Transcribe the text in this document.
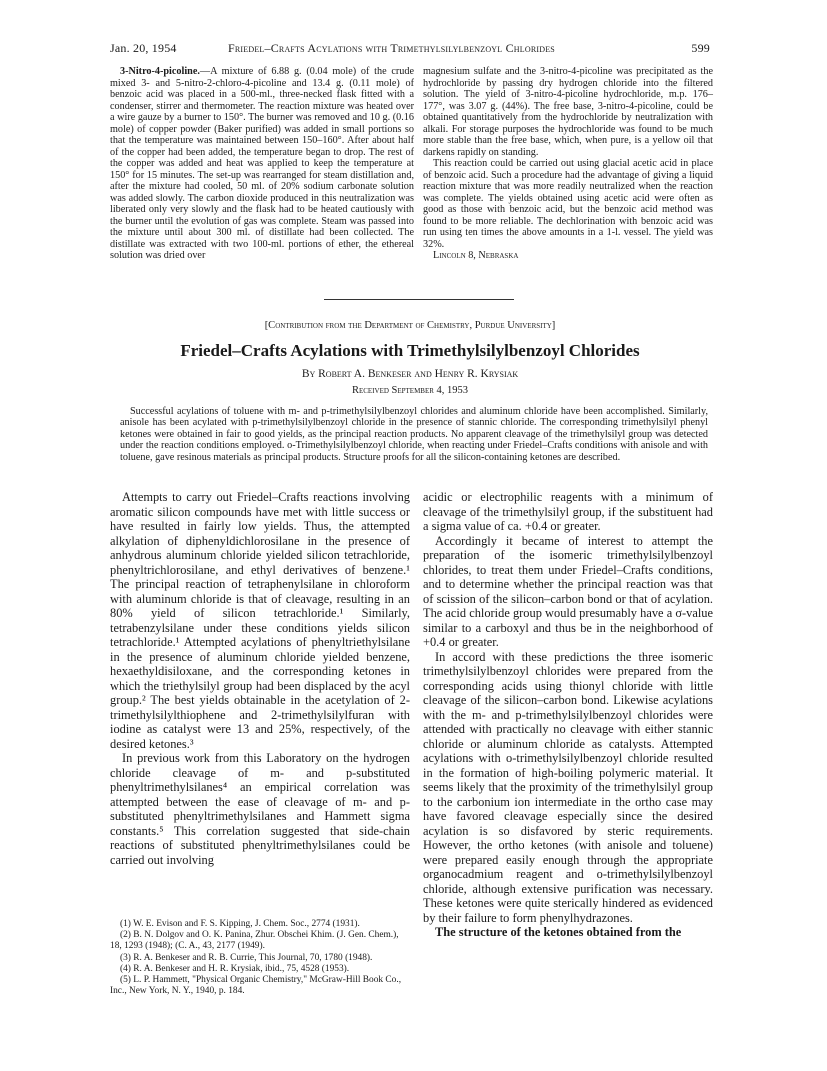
Jan. 20, 1954	Friedel–Crafts Acylations with Trimethylsilylbenzoyl Chlorides	599

3-Nitro-4-picoline.—A mixture of 6.88 g. (0.04 mole) of the crude mixed 3- and 5-nitro-2-chloro-4-picoline and 13.4 g. (0.11 mole) of benzoic acid was placed in a 500-ml., three-necked flask fitted with a condenser, stirrer and thermometer. The reaction mixture was heated over a wire gauze by a burner to 150°. The burner was removed and 10 g. (0.16 mole) of copper powder (Baker purified) was added in small portions so that the temperature was maintained between 150–160°. After about half of the copper had been added, the temperature began to drop. The rest of the copper was added and heat was applied to keep the temperature at 150° for 15 minutes. The set-up was rearranged for steam distillation and, after the mixture had cooled, 50 ml. of 20% sodium carbonate solution was added slowly. The carbon dioxide produced in this neutralization was liberated only very slowly and the flask had to be heated cautiously with the burner until the evolution of gas was complete. Steam was passed into the mixture until about 300 ml. of distillate had been collected. The distillate was extracted with two 100-ml. portions of ether, the ethereal solution was dried over

magnesium sulfate and the 3-nitro-4-picoline was precipitated as the hydrochloride by passing dry hydrogen chloride into the filtered solution. The yield of 3-nitro-4-picoline hydrochloride, m.p. 176–177°, was 3.07 g. (44%). The free base, 3-nitro-4-picoline, could be obtained quantitatively from the hydrochloride by neutralization with alkali. For storage purposes the hydrochloride was found to be much more stable than the free base, which, when pure, is a yellow oil that darkens rapidly on standing.

This reaction could be carried out using glacial acetic acid in place of benzoic acid. Such a procedure had the advantage of giving a liquid reaction mixture that was more readily neutralized when the reaction was complete. The yields obtained using acetic acid were often as good as those with benzoic acid, but the benzoic acid method was found to be more reliable. The dechlorination with benzoic acid was run using ten times the above amounts in a 1-l. vessel. The yield was 32%.

Lincoln 8, Nebraska

[Contribution from the Department of Chemistry, Purdue University]
Friedel–Crafts Acylations with Trimethylsilylbenzoyl Chlorides
By Robert A. Benkeser and Henry R. Krysiak
Received September 4, 1953

Successful acylations of toluene with m- and p-trimethylsilylbenzoyl chlorides and aluminum chloride have been accomplished. Similarly, anisole has been acylated with p-trimethylsilylbenzoyl chloride in the presence of stannic chloride. The corresponding trimethylsilyl phenyl ketones were obtained in fair to good yields, as the principal reaction products. No apparent cleavage of the trimethylsilyl group was detected under the reaction conditions employed. o-Trimethylsilylbenzoyl chloride, when reacting under Friedel–Crafts conditions with anisole and with toluene, gave resinous materials as principal products. Structure proofs for all the silicon-containing ketones are described.

Attempts to carry out Friedel–Crafts reactions involving aromatic silicon compounds have met with little success or have resulted in fairly low yields. Thus, the attempted alkylation of diphenyldichlorosilane in the presence of anhydrous aluminum chloride yielded silicon tetrachloride, phenyltrichlorosilane, and ethyl derivatives of benzene.¹ The principal reaction of tetraphenylsilane in chloroform with aluminum chloride is that of cleavage, resulting in an 80% yield of silicon tetrachloride.¹ Similarly, tetrabenzylsilane under these conditions yields silicon tetrachloride.¹ Attempted acylations of phenyltriethylsilane in the presence of aluminum chloride yielded benzene, hexaethyldisiloxane, and the corresponding ketones in which the triethylsilyl group had been displaced by the acyl group.² The best yields obtainable in the acetylation of 2-trimethylsilylthiophene and 2-trimethylsilylfuran with iodine as catalyst were 13 and 25%, respectively, of the desired ketones.³

In previous work from this Laboratory on the hydrogen chloride cleavage of m- and p-substituted phenyltrimethylsilanes⁴ an empirical correlation was attempted between the ease of cleavage of m- and p-substituted phenyltrimethylsilanes and Hammett sigma constants.⁵ This correlation suggested that side-chain reactions of substituted phenyltrimethylsilanes could be carried out involving

(1) W. E. Evison and F. S. Kipping, J. Chem. Soc., 2774 (1931).
(2) B. N. Dolgov and O. K. Panina, Zhur. Obschei Khim. (J. Gen. Chem.), 18, 1293 (1948); (C. A., 43, 2177 (1949).
(3) R. A. Benkeser and R. B. Currie, This Journal, 70, 1780 (1948).
(4) R. A. Benkeser and H. R. Krysiak, ibid., 75, 4528 (1953).
(5) L. P. Hammett, "Physical Organic Chemistry," McGraw-Hill Book Co., Inc., New York, N. Y., 1940, p. 184.

acidic or electrophilic reagents with a minimum of cleavage of the trimethylsilyl group, if the substituent had a sigma value of ca. +0.4 or greater.

Accordingly it became of interest to attempt the preparation of the isomeric trimethylsilylbenzoyl chlorides, to treat them under Friedel–Crafts conditions, and to determine whether the principal reaction was that of scission of the silicon–carbon bond or that of acylation. The acid chloride group would presumably have a σ-value similar to a carboxyl and thus be in the neighborhood of +0.4 or greater.

In accord with these predictions the three isomeric trimethylsilylbenzoyl chlorides were prepared from the corresponding acids using thionyl chloride with little cleavage of the silicon–carbon bond. Likewise acylations with the m- and p-trimethylsilylbenzoyl chlorides were attended with practically no cleavage with either stannic chloride or aluminum chloride as catalysts. Attempted acylations with o-trimethylsilylbenzoyl chloride resulted in the formation of high-boiling polymeric material. It seems likely that the proximity of the trimethylsilyl group to the carbonium ion intermediate in the ortho case may have favored cleavage especially since the desired acylation is so disfavored by steric requirements. However, the ortho ketones (with anisole and toluene) were prepared easily enough through the appropriate organocadmium reagent and o-trimethylsilylbenzoyl chloride, although extensive purification was necessary. These ketones were quite sterically hindered as evidenced by their failure to form phenylhydrazones.

The structure of the ketones obtained from the
